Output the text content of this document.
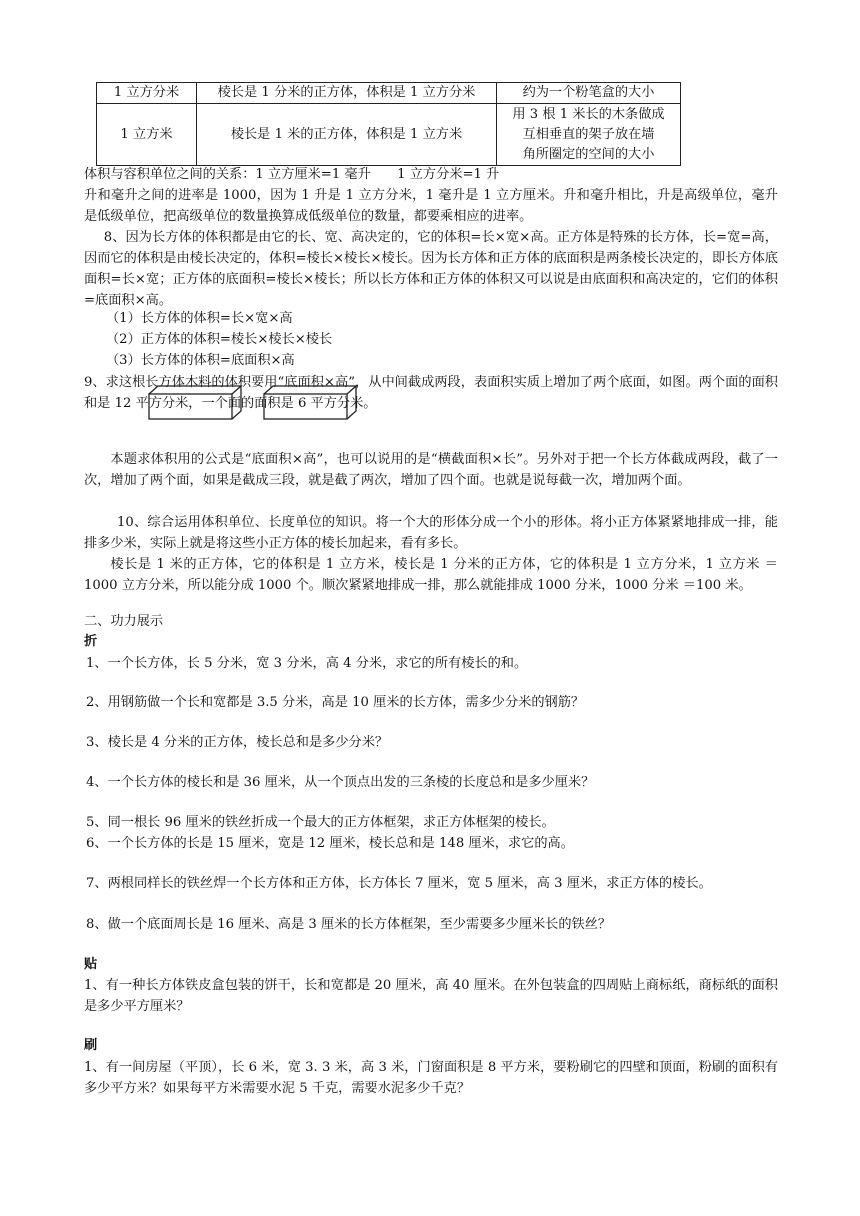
1 立方分米	棱长是 1 分米的正方体，体积是 1 立方分米	约为一个粉笔盒的大小
1 立方米	棱长是 1 米的正方体，体积是 1 立方米	用 3 根 1 米长的木条做成
互相垂直的架子放在墙
角所圈定的空间的大小
体积与容积单位之间的关系：1 立方厘米=1 毫升　　1 立方分米=1 升
升和毫升之间的进率是 1000，因为 1 升是 1 立方分米，1 毫升是 1 立方厘米。升和毫升相比，升是高级单位，毫升是低级单位，把高级单位的数量换算成低级单位的数量，都要乘相应的进率。
8、因为长方体的体积都是由它的长、宽、高决定的，它的体积=长×宽×高。正方体是特殊的长方体，长=宽=高，因而它的体积是由棱长决定的，体积=棱长×棱长×棱长。因为长方体和正方体的底面积是两条棱长决定的，即长方体底面积=长×宽；正方体的底面积=棱长×棱长；所以长方体和正方体的体积又可以说是由底面积和高决定的，它们的体积=底面积×高。
（1）长方体的体积=长×宽×高
（2）正方体的体积=棱长×棱长×棱长
（3）长方体的体积=底面积×高
9、求这根长方体木料的体积要用“底面积×高”，从中间截成两段，表面积实质上增加了两个底面，如图。两个面的面积和是 12 平方分米，一个面的面积是 6 平方分米。
本题求体积用的公式是“底面积×高”，也可以说用的是“横截面积×长”。另外对于把一个长方体截成两段，截了一次，增加了两个面，如果是截成三段，就是截了两次，增加了四个面。也就是说每截一次，增加两个面。
10、综合运用体积单位、长度单位的知识。将一个大的形体分成一个小的形体。将小正方体紧紧地排成一排，能排多少米，实际上就是将这些小正方体的棱长加起来，看有多长。
棱长是 1 米的正方体，它的体积是 1 立方米，棱长是 1 分米的正方体，它的体积是 1 立方分米，1 立方米 ＝1000 立方分米，所以能分成 1000 个。顺次紧紧地排成一排，那么就能排成 1000 分米，1000 分米 ＝100 米。
二、功力展示
折
1、一个长方体，长 5 分米，宽 3 分米，高 4 分米，求它的所有棱长的和。
2、用钢筋做一个长和宽都是 3.5 分米，高是 10 厘米的长方体，需多少分米的钢筋？
3、棱长是 4 分米的正方体，棱长总和是多少分米？
4、一个长方体的棱长和是 36 厘米，从一个顶点出发的三条棱的长度总和是多少厘米？
5、同一根长 96 厘米的铁丝折成一个最大的正方体框架，求正方体框架的棱长。
6、一个长方体的长是 15 厘米，宽是 12 厘米，棱长总和是 148 厘米，求它的高。
7、两根同样长的铁丝焊一个长方体和正方体，长方体长 7 厘米，宽 5 厘米，高 3 厘米，求正方体的棱长。
8、做一个底面周长是 16 厘米、高是 3 厘米的长方体框架，至少需要多少厘米长的铁丝？
贴
1、有一种长方体铁皮盒包装的饼干，长和宽都是 20 厘米，高 40 厘米。在外包装盒的四周贴上商标纸，商标纸的面积是多少平方厘米？
刷
1、有一间房屋（平顶），长 6 米，宽 3. 3 米，高 3 米，门窗面积是 8 平方米，要粉刷它的四壁和顶面，粉刷的面积有多少平方米？如果每平方米需要水泥 5 千克，需要水泥多少千克？
